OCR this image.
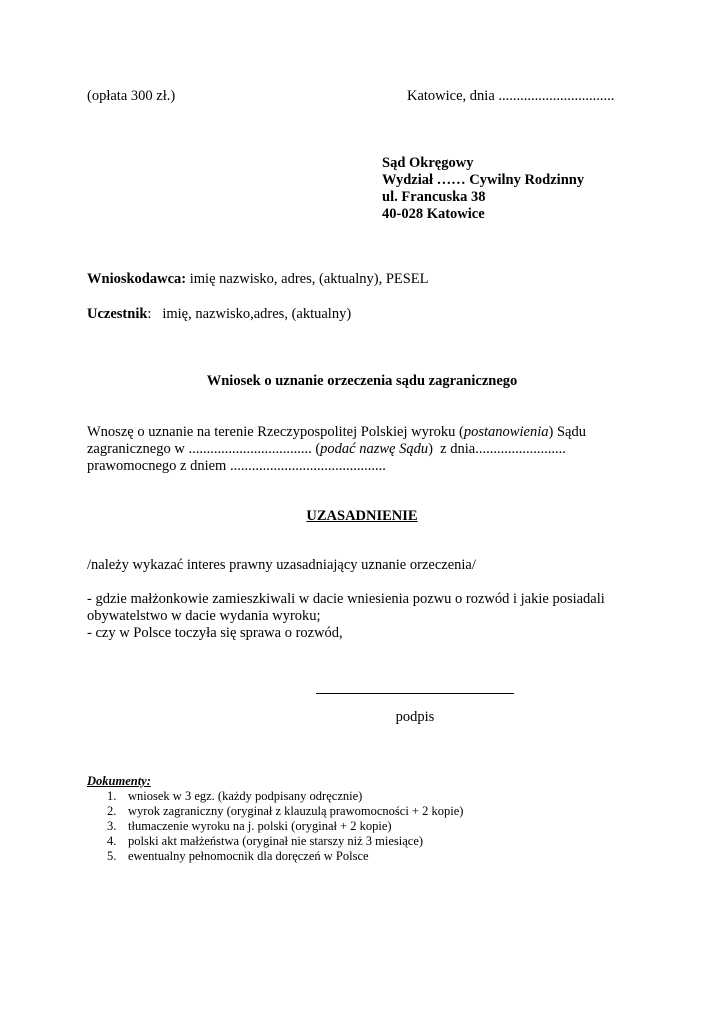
(opłata 300 zł.)	Katowice, dnia ................................
Sąd Okręgowy
Wydział …… Cywilny Rodzinny
ul. Francuska 38
40-028 Katowice
Wnioskodawca: imię nazwisko, adres, (aktualny), PESEL
Uczestnik:   imię, nazwisko,adres, (aktualny)
Wniosek o uznanie orzeczenia sądu zagranicznego
Wnoszę o uznanie na terenie Rzeczypospolitej Polskiej wyroku (postanowienia) Sądu
zagranicznego w .................................. (podać nazwę Sądu)  z dnia.........................
prawomocnego z dniem ...........................................
UZASADNIENIE
/należy wykazać interes prawny uzasadniający uznanie orzeczenia/
- gdzie małżonkowie zamieszkiwali w dacie wniesienia pozwu o rozwód i jakie posiadali
obywatelstwo w dacie wydania wyroku;
- czy w Polsce toczyła się sprawa o rozwód,
podpis
Dokumenty:
1. wniosek w 3 egz. (każdy podpisany odręcznie)
2. wyrok zagraniczny (oryginał z klauzulą prawomocności + 2 kopie)
3. tłumaczenie wyroku na j. polski (oryginał + 2 kopie)
4. polski akt małżeństwa (oryginał nie starszy niż 3 miesiące)
5. ewentualny pełnomocnik dla doręczeń w Polsce
